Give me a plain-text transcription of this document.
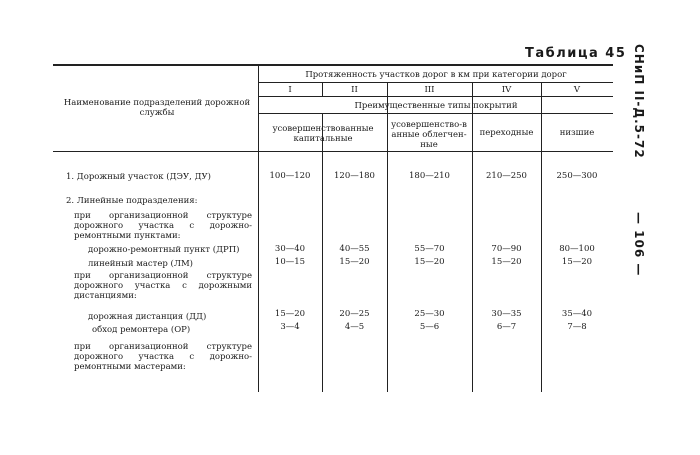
Таблица 45 СНиП II-Д.5-72
— 106 —
Наименование подразделений дорожной службы
Протяженность участков дорог в км при категории дорог
I	II	III	IV	V
Преимущественные типы покрытий
усовершенствованные капитальные
усовершенство-ванные облегчен-ные
переходные	низшие
1. Дорожный участок (ДЭУ, ДУ)	100—120	120—180	180—210	210—250	250—300
2. Линейные подразделения:
при организационной структуре дорожного участка с дорожно-ремонтными пунктами:
дорожно-ремонтный пункт (ДРП)	30—40	40—55	55—70	70—90	80—100
линейный мастер (ЛМ)	10—15	15—20	15—20	15—20	15—20
при организационной структуре дорожного участка с дорожными дистанциями:
дорожная дистанция (ДД)	15—20	20—25	25—30	30—35	35—40
обход ремонтера (ОР)	3—4	4—5	5—6	6—7	7—8
при организационной структуре дорожного участка с дорожно-ремонтными мастерами:
